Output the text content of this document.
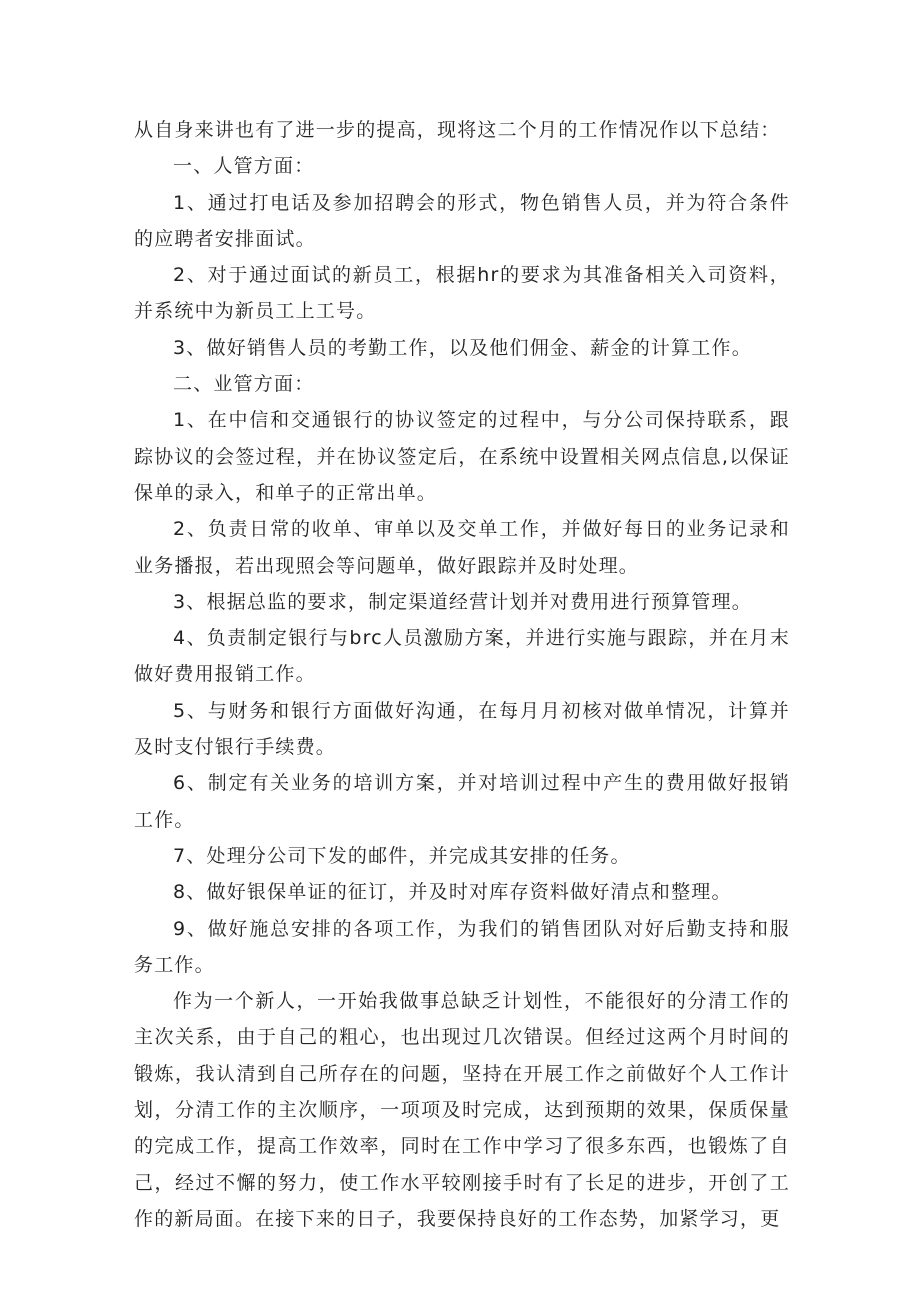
从自身来讲也有了进一步的提高，现将这二个月的工作情况作以下总结：

一、人管方面：

1、通过打电话及参加招聘会的形式，物色销售人员，并为符合条件的应聘者安排面试。

2、对于通过面试的新员工，根据hr的要求为其准备相关入司资料，并系统中为新员工上工号。

3、做好销售人员的考勤工作，以及他们佣金、薪金的计算工作。

二、业管方面：

1、在中信和交通银行的协议签定的过程中，与分公司保持联系，跟踪协议的会签过程，并在协议签定后，在系统中设置相关网点信息,以保证保单的录入，和单子的正常出单。

2、负责日常的收单、审单以及交单工作，并做好每日的业务记录和业务播报，若出现照会等问题单，做好跟踪并及时处理。

3、根据总监的要求，制定渠道经营计划并对费用进行预算管理。

4、负责制定银行与brc人员激励方案，并进行实施与跟踪，并在月末做好费用报销工作。

5、与财务和银行方面做好沟通，在每月月初核对做单情况，计算并及时支付银行手续费。

6、制定有关业务的培训方案，并对培训过程中产生的费用做好报销工作。

7、处理分公司下发的邮件，并完成其安排的任务。

8、做好银保单证的征订，并及时对库存资料做好清点和整理。

9、做好施总安排的各项工作，为我们的销售团队对好后勤支持和服务工作。

作为一个新人，一开始我做事总缺乏计划性，不能很好的分清工作的主次关系，由于自己的粗心，也出现过几次错误。但经过这两个月时间的锻炼，我认清到自己所存在的问题，坚持在开展工作之前做好个人工作计划，分清工作的主次顺序，一项项及时完成，达到预期的效果，保质保量的完成工作，提高工作效率，同时在工作中学习了很多东西，也锻炼了自己，经过不懈的努力，使工作水平较刚接手时有了长足的进步，开创了工作的新局面。在接下来的日子，我要保持良好的工作态势，加紧学习，更
